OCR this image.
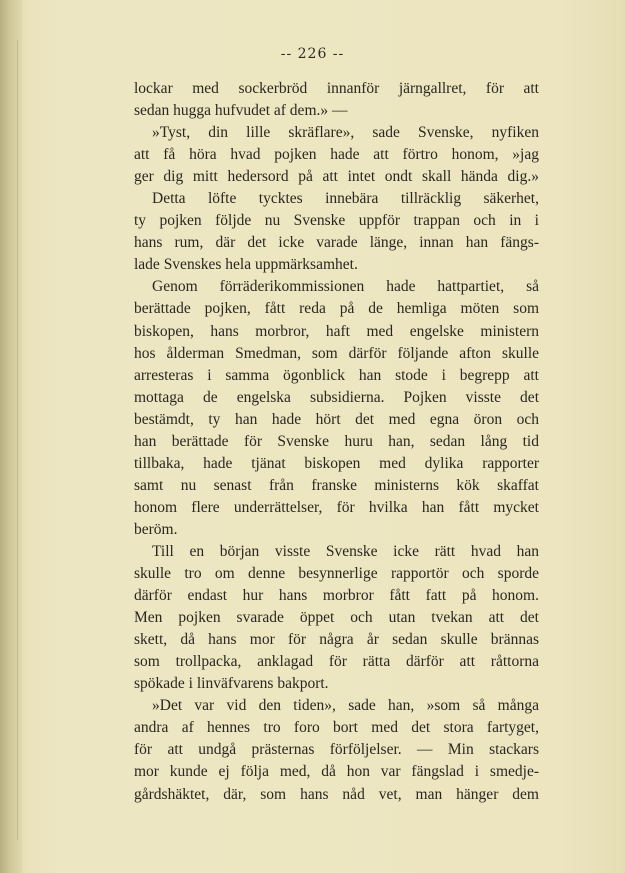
-- 226 --
lockar med sockerbröd innanför järngallret, för att
sedan hugga hufvudet af dem.» —
»Tyst, din lille skräflare», sade Svenske, nyfiken
att få höra hvad pojken hade att förtro honom, »jag
ger dig mitt hedersord på att intet ondt skall hända dig.»
Detta löfte tycktes innebära tillräcklig säkerhet,
ty pojken följde nu Svenske uppför trappan och in i
hans rum, där det icke varade länge, innan han fängs-
lade Svenskes hela uppmärksamhet.
Genom förräderikommissionen hade hattpartiet, så
berättade pojken, fått reda på de hemliga möten som
biskopen, hans morbror, haft med engelske ministern
hos ålderman Smedman, som därför följande afton skulle
arresteras i samma ögonblick han stode i begrepp att
mottaga de engelska subsidierna. Pojken visste det
bestämdt, ty han hade hört det med egna öron och
han berättade för Svenske huru han, sedan lång tid
tillbaka, hade tjänat biskopen med dylika rapporter
samt nu senast från franske ministerns kök skaffat
honom flere underrättelser, för hvilka han fått mycket
beröm.
Till en början visste Svenske icke rätt hvad han
skulle tro om denne besynnerlige rapportör och sporde
därför endast hur hans morbror fått fatt på honom.
Men pojken svarade öppet och utan tvekan att det
skett, då hans mor för några år sedan skulle brännas
som trollpacka, anklagad för rätta därför att råttorna
spökade i linväfvarens bakport.
»Det var vid den tiden», sade han, »som så många
andra af hennes tro foro bort med det stora fartyget,
för att undgå prästernas förföljelser. — Min stackars
mor kunde ej följa med, då hon var fängslad i smedje-
gårdshäktet, där, som hans nåd vet, man hänger dem
